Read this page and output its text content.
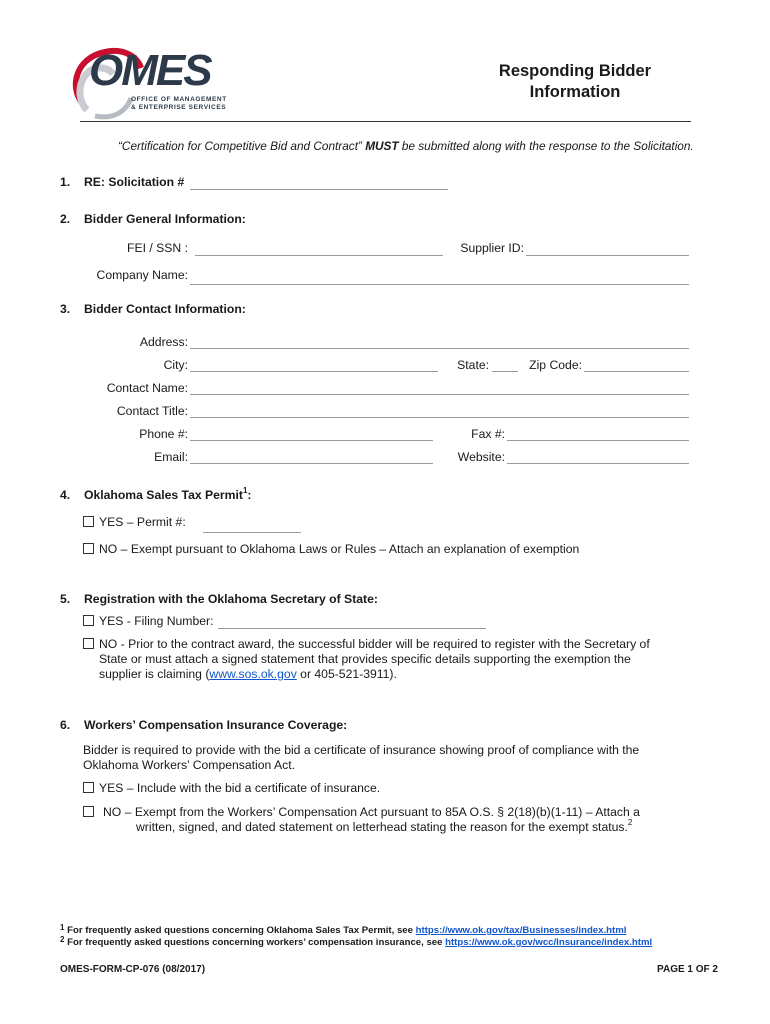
OMES
OFFICE OF MANAGEMENT
& ENTERPRISE SERVICES
Responding Bidder
Information
“Certification for Competitive Bid and Contract” MUST be submitted along with the response to the Solicitation.
1. RE: Solicitation #
2. Bidder General Information:
FEI / SSN :	Supplier ID:
Company Name:
3. Bidder Contact Information:
Address:
City:	State:	Zip Code:
Contact Name:
Contact Title:
Phone #:	Fax #:
Email:	Website:
4. Oklahoma Sales Tax Permit$^1$:
YES – Permit #:
NO – Exempt pursuant to Oklahoma Laws or Rules – Attach an explanation of exemption
5. Registration with the Oklahoma Secretary of State:
YES - Filing Number:
NO - Prior to the contract award, the successful bidder will be required to register with the Secretary of
State or must attach a signed statement that provides specific details supporting the exemption the
supplier is claiming (www.sos.ok.gov or 405-521-3911).
6. Workers’ Compensation Insurance Coverage:
Bidder is required to provide with the bid a certificate of insurance showing proof of compliance with the
Oklahoma Workers’ Compensation Act.
YES – Include with the bid a certificate of insurance.
NO – Exempt from the Workers’ Compensation Act pursuant to 85A O.S. § 2(18)(b)(1-11) – Attach a
written, signed, and dated statement on letterhead stating the reason for the exempt status.$^2$
$^1$ For frequently asked questions concerning Oklahoma Sales Tax Permit, see https://www.ok.gov/tax/Businesses/index.html
$^2$ For frequently asked questions concerning workers’ compensation insurance, see https://www.ok.gov/wcc/Insurance/index.html
OMES-FORM-CP-076 (08/2017)	PAGE 1 OF 2
